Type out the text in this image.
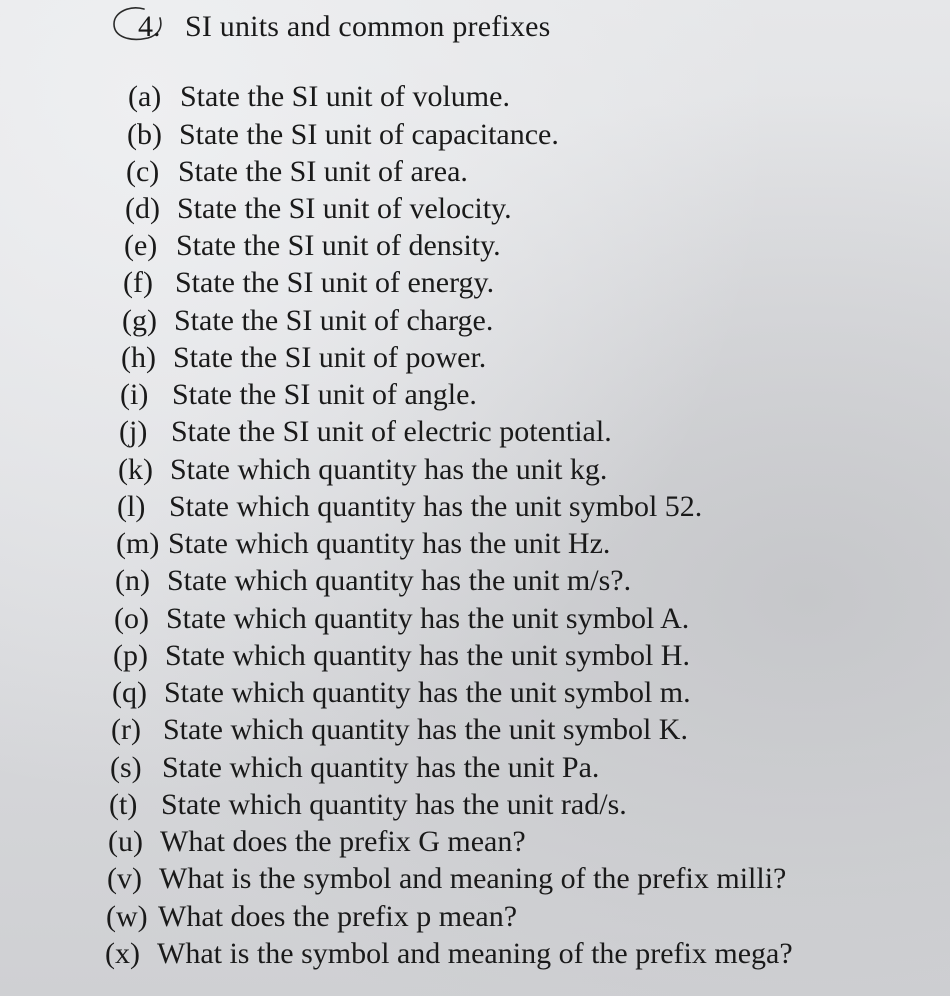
4. SI units and common prefixes
(a) State the SI unit of volume.
(b) State the SI unit of capacitance.
(c) State the SI unit of area.
(d) State the SI unit of velocity.
(e) State the SI unit of density.
(f) State the SI unit of energy.
(g) State the SI unit of charge.
(h) State the SI unit of power.
(i) State the SI unit of angle.
(j) State the SI unit of electric potential.
(k) State which quantity has the unit kg.
(l) State which quantity has the unit symbol 52.
(m) State which quantity has the unit Hz.
(n) State which quantity has the unit m/s?.
(o) State which quantity has the unit symbol A.
(p) State which quantity has the unit symbol H.
(q) State which quantity has the unit symbol m.
(r) State which quantity has the unit symbol K.
(s) State which quantity has the unit Pa.
(t) State which quantity has the unit rad/s.
(u) What does the prefix G mean?
(v) What is the symbol and meaning of the prefix milli?
(w) What does the prefix p mean?
(x) What is the symbol and meaning of the prefix mega?
